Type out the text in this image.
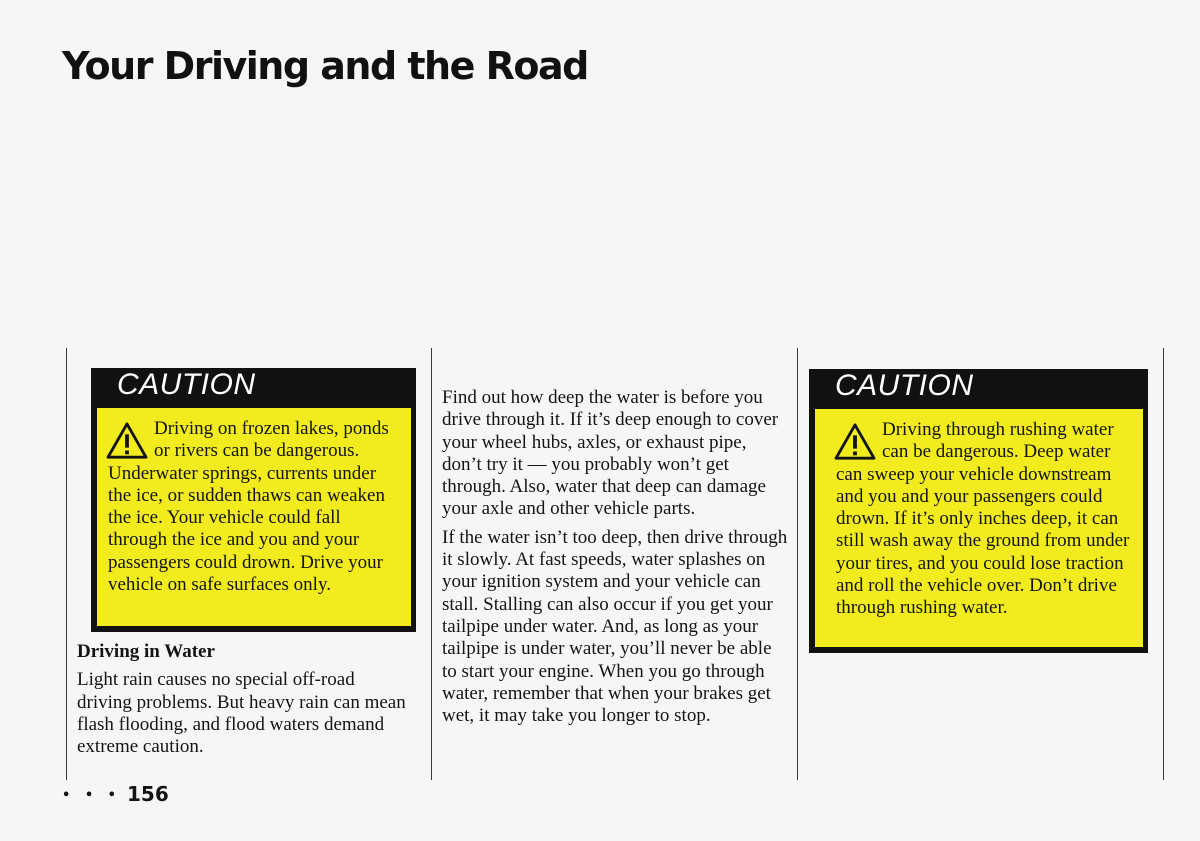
Your Driving and the Road
CAUTION
Driving on frozen lakes, ponds or rivers can be dangerous. Underwater springs, currents under the ice, or sudden thaws can weaken the ice. Your vehicle could fall through the ice and you and your passengers could drown. Drive your vehicle on safe surfaces only.
Driving in Water

Light rain causes no special off-road driving problems. But heavy rain can mean flash flooding, and flood waters demand extreme caution.

Find out how deep the water is before you drive through it. If it’s deep enough to cover your wheel hubs, axles, or exhaust pipe, don’t try it — you probably won’t get through. Also, water that deep can damage your axle and other vehicle parts.

If the water isn’t too deep, then drive through it slowly. At fast speeds, water splashes on your ignition system and your vehicle can stall. Stalling can also occur if you get your tailpipe under water. And, as long as your tailpipe is under water, you’ll never be able to start your engine. When you go through water, remember that when your brakes get wet, it may take you longer to stop.

CAUTION
Driving through rushing water can be dangerous. Deep water can sweep your vehicle downstream and you and your passengers could drown. If it’s only inches deep, it can still wash away the ground from under your tires, and you could lose traction and roll the vehicle over. Don’t drive through rushing water.
• • • 156
